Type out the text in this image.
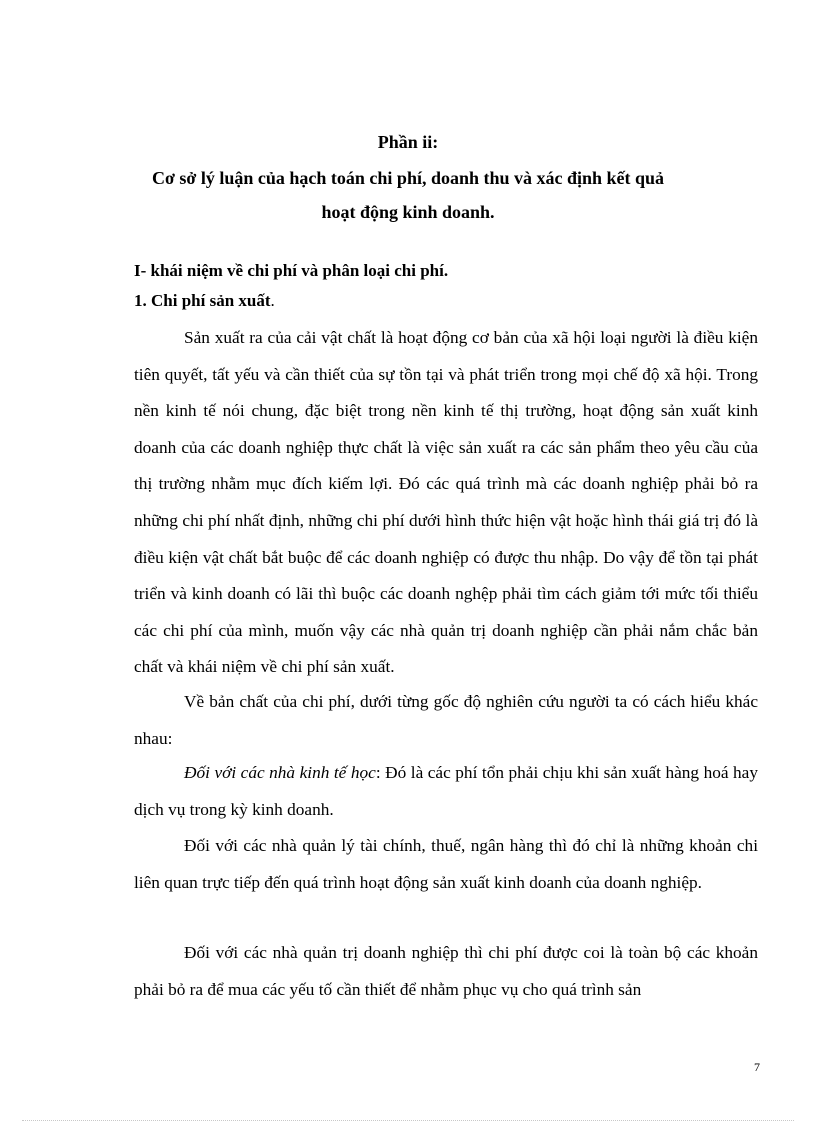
Phần ii:
Cơ sở lý luận của hạch toán chi phí, doanh thu và xác định kết quả
hoạt động kinh doanh.
I- khái niệm về chi phí và phân loại chi phí.
1. Chi phí sản xuất.

Sản xuất ra của cải vật chất là hoạt động cơ bản của xã hội loại người là điều kiện tiên quyết, tất yếu và cần thiết của sự tồn tại và phát triển trong mọi chế độ xã hội. Trong nền kinh tế nói chung, đặc biệt trong nền kinh tế thị trường, hoạt động sản xuất kinh doanh của các doanh nghiệp thực chất là việc sản xuất ra các sản phẩm theo yêu cầu của thị trường nhằm mục đích kiếm lợi. Đó các quá trình mà các doanh nghiệp phải bỏ ra những chi phí nhất định, những chi phí dưới hình thức hiện vật hoặc hình thái giá trị đó là điều kiện vật chất bắt buộc để các doanh nghiệp có được thu nhập. Do vậy để tồn tại phát triển và kinh doanh có lãi thì buộc các doanh nghệp phải tìm cách giảm tới mức tối thiểu các chi phí của mình, muốn vậy các nhà quản trị doanh nghiệp cần phải nắm chắc bản chất và khái niệm về chi phí sản xuất.

Về bản chất của chi phí, dưới từng gốc độ nghiên cứu người ta có cách hiểu khác nhau:

Đối với các nhà kinh tế học: Đó là các phí tổn phải chịu khi sản xuất hàng hoá hay dịch vụ trong kỳ kinh doanh.

Đối với các nhà quản lý tài chính, thuế, ngân hàng thì đó chỉ là những khoản chi liên quan trực tiếp đến quá trình hoạt động sản xuất kinh doanh của doanh nghiệp.

Đối với các nhà quản trị doanh nghiệp thì chi phí được coi là toàn bộ các khoản phải bỏ ra để mua các yếu tố cần thiết để nhằm phục vụ cho quá trình sản

7
